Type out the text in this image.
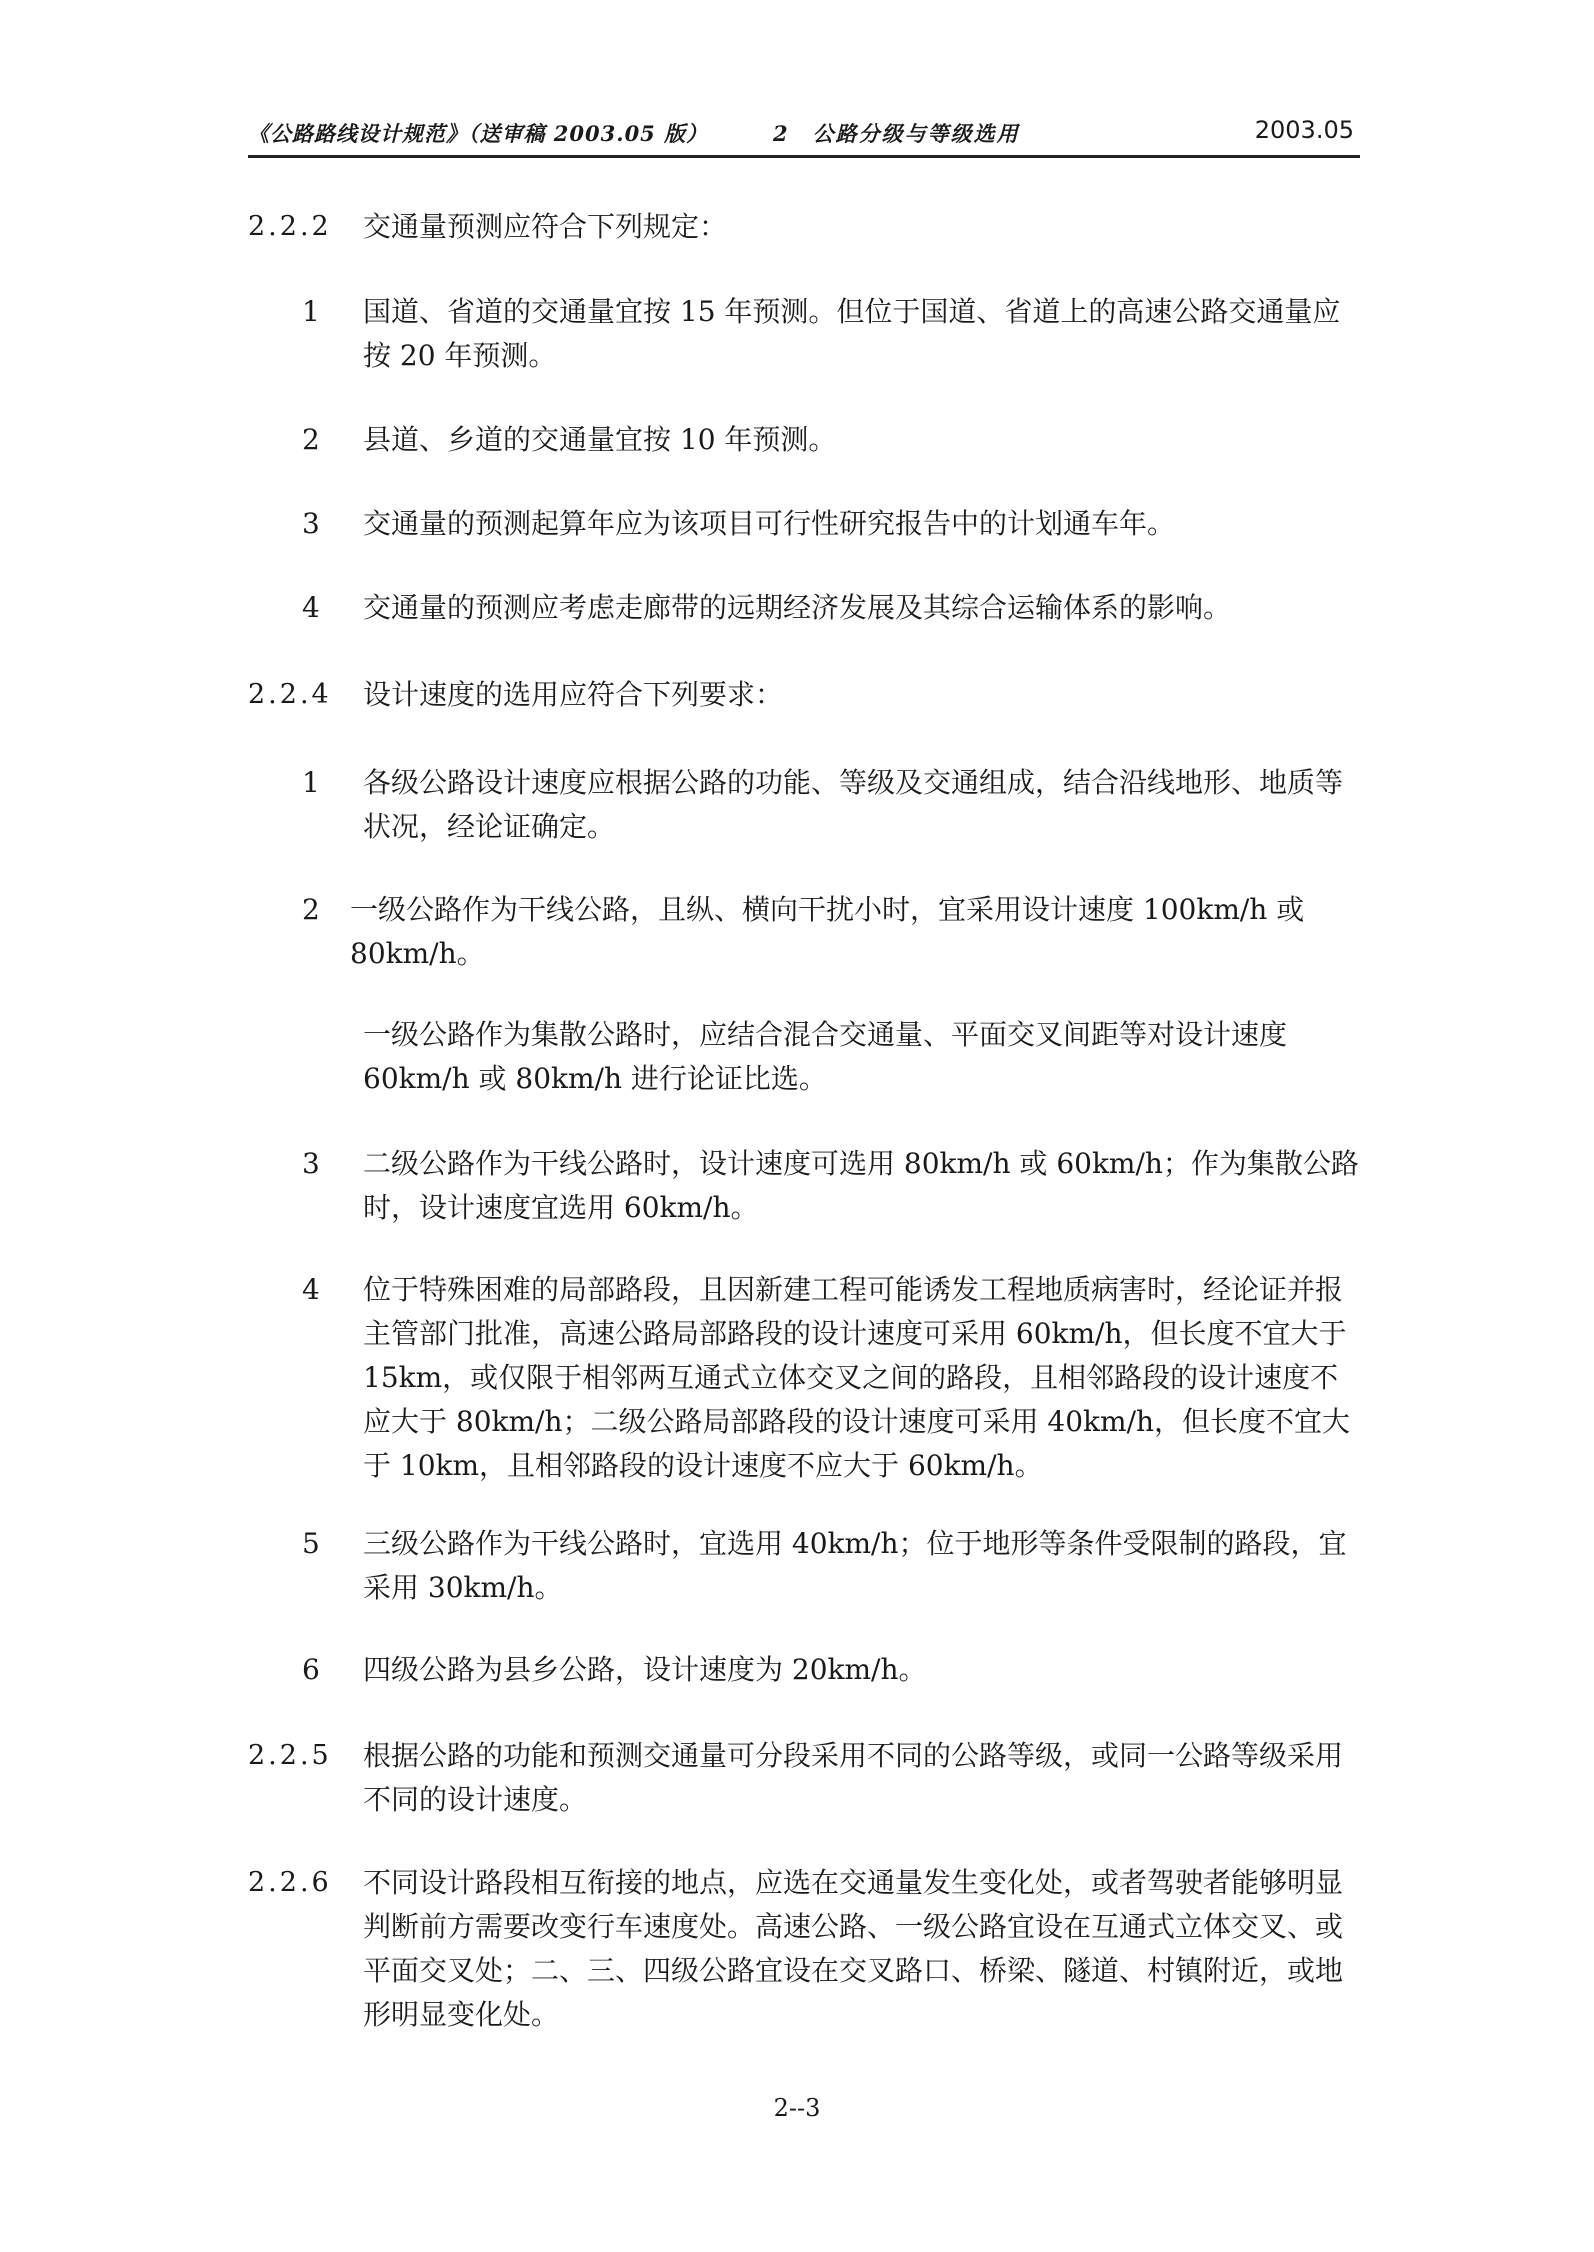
《公路路线设计规范》（送审稿 2003.05 版）	2　公路分级与等级选用	2003.05
2.2.2 交通量预测应符合下列规定：
1 国道、省道的交通量宜按 15 年预测。但位于国道、省道上的高速公路交通量应按 20 年预测。
2 县道、乡道的交通量宜按 10 年预测。
3 交通量的预测起算年应为该项目可行性研究报告中的计划通车年。
4 交通量的预测应考虑走廊带的远期经济发展及其综合运输体系的影响。
2.2.4 设计速度的选用应符合下列要求：
1 各级公路设计速度应根据公路的功能、等级及交通组成，结合沿线地形、地质等状况，经论证确定。
2 一级公路作为干线公路，且纵、横向干扰小时，宜采用设计速度 100km/h 或 80km/h。
一级公路作为集散公路时，应结合混合交通量、平面交叉间距等对设计速度 60km/h 或 80km/h 进行论证比选。
3 二级公路作为干线公路时，设计速度可选用 80km/h 或 60km/h；作为集散公路时，设计速度宜选用 60km/h。
4 位于特殊困难的局部路段，且因新建工程可能诱发工程地质病害时，经论证并报主管部门批准，高速公路局部路段的设计速度可采用 60km/h，但长度不宜大于 15km，或仅限于相邻两互通式立体交叉之间的路段，且相邻路段的设计速度不应大于 80km/h；二级公路局部路段的设计速度可采用 40km/h，但长度不宜大于 10km，且相邻路段的设计速度不应大于 60km/h。
5 三级公路作为干线公路时，宜选用 40km/h；位于地形等条件受限制的路段，宜采用 30km/h。
6 四级公路为县乡公路，设计速度为 20km/h。
2.2.5 根据公路的功能和预测交通量可分段采用不同的公路等级，或同一公路等级采用不同的设计速度。
2.2.6 不同设计路段相互衔接的地点，应选在交通量发生变化处，或者驾驶者能够明显判断前方需要改变行车速度处。高速公路、一级公路宜设在互通式立体交叉、或平面交叉处；二、三、四级公路宜设在交叉路口、桥梁、隧道、村镇附近，或地形明显变化处。
2--3
